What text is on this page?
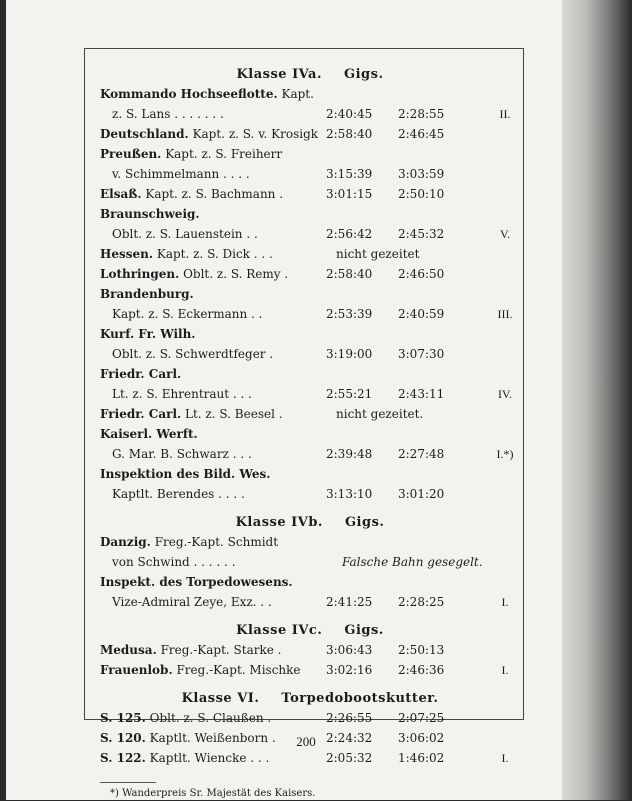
Klasse IVa. Gigs.
Kommando Hochseeflotte. Kapt.
z. S. Lans . . . . . . .	2:40:45	2:28:55	II.
Deutschland. Kapt. z. S. v. Krosigk 2:58:40	2:46:45
Preußen. Kapt. z. S. Freiherr
v. Schimmelmann . . . .	3:15:39	3:03:59
Elsaß. Kapt. z. S. Bachmann .	3:01:15	2:50:10
Braunschweig.
Oblt. z. S. Lauenstein . .	2:56:42	2:45:32	V.
Hessen. Kapt. z. S. Dick . . .	nicht gezeitet
Lothringen. Oblt. z. S. Remy .	2:58:40	2:46:50
Brandenburg.
Kapt. z. S. Eckermann . .	2:53:39	2:40:59	III.
Kurf. Fr. Wilh.
Oblt. z. S. Schwerdtfeger .	3:19:00	3:07:30
Friedr. Carl.
Lt. z. S. Ehrentraut . . .	2:55:21	2:43:11	IV.
Friedr. Carl. Lt. z. S. Beesel .	nicht gezeitet.
Kaiserl. Werft.
G. Mar. B. Schwarz . . .	2:39:48	2:27:48	I.*)
Inspektion des Bild. Wes.
Kaptlt. Berendes . . . .	3:13:10	3:01:20
Klasse IVb. Gigs.
Danzig. Freg.-Kapt. Schmidt
von Schwind . . . . . .	Falsche Bahn gesegelt.
Inspekt. des Torpedowesens.
Vize-Admiral Zeye, Exz. . .	2:41:25	2:28:25	I.
Klasse IVc. Gigs.
Medusa. Freg.-Kapt. Starke .	3:06:43	2:50:13
Frauenlob. Freg.-Kapt. Mischke 3:02:16	2:46:36	I.
Klasse VI. Torpedobootskutter.
S. 125. Oblt. z. S. Claußen .	2:26:55	2:07:25
S. 120. Kaptlt. Weißenborn .	2:24:32	3:06:02
S. 122. Kaptlt. Wiencke . . .	2:05:32	1:46:02	I.
*) Wanderpreis Sr. Majestät des Kaisers.
200
